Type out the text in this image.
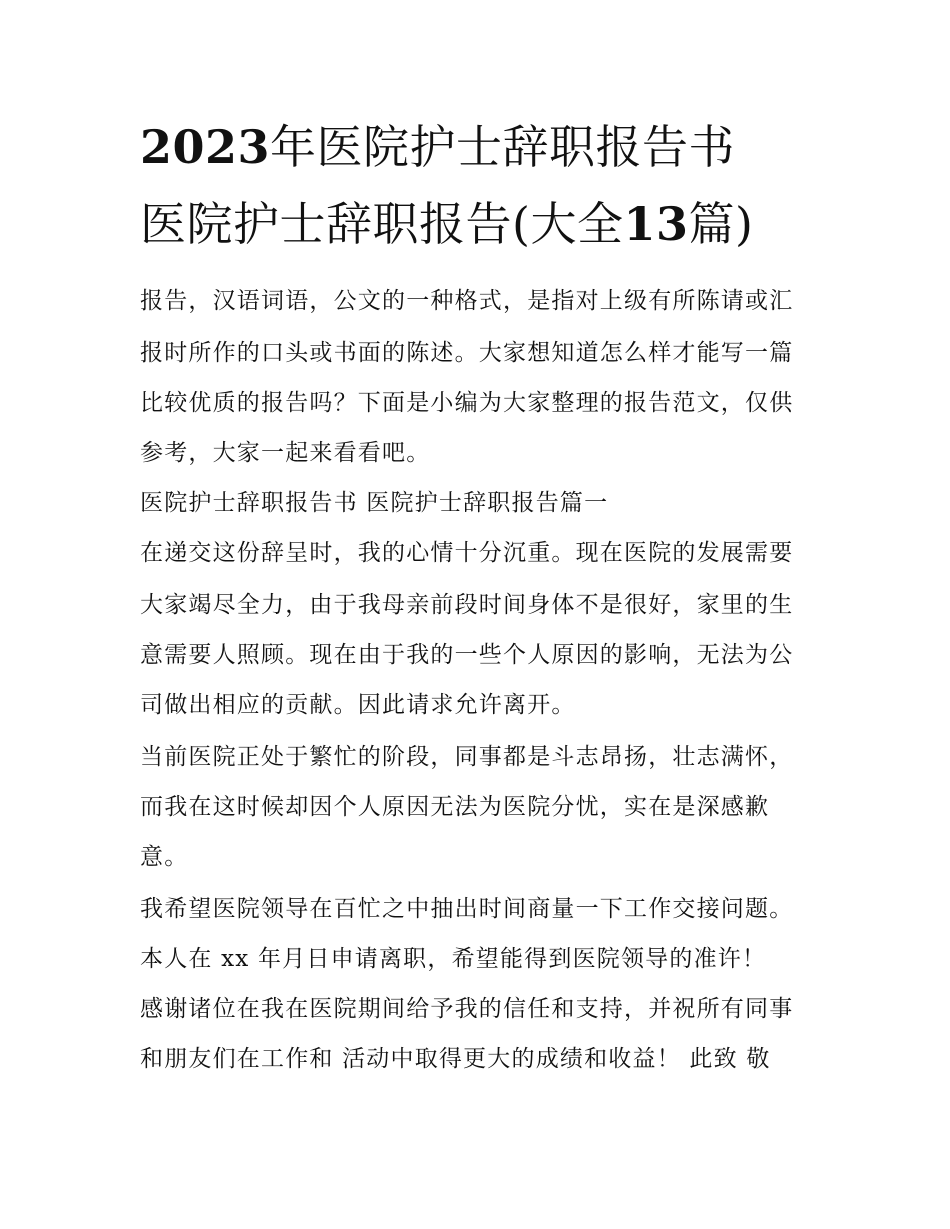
2023年医院护士辞职报告书
医院护士辞职报告(大全13篇)
报告，汉语词语，公文的一种格式，是指对上级有所陈请或汇
报时所作的口头或书面的陈述。大家想知道怎么样才能写一篇
比较优质的报告吗？下面是小编为大家整理的报告范文，仅供
参考，大家一起来看看吧。
医院护士辞职报告书 医院护士辞职报告篇一
在递交这份辞呈时，我的心情十分沉重。现在医院的发展需要
大家竭尽全力，由于我母亲前段时间身体不是很好，家里的生
意需要人照顾。现在由于我的一些个人原因的影响，无法为公
司做出相应的贡献。因此请求允许离开。
当前医院正处于繁忙的阶段，同事都是斗志昂扬，壮志满怀，
而我在这时候却因个人原因无法为医院分忧，实在是深感歉
意。
我希望医院领导在百忙之中抽出时间商量一下工作交接问题。
本人在 xx 年月日申请离职，希望能得到医院领导的准许！
感谢诸位在我在医院期间给予我的信任和支持，并祝所有同事
和朋友们在工作和 活动中取得更大的成绩和收益！ 此致 敬
